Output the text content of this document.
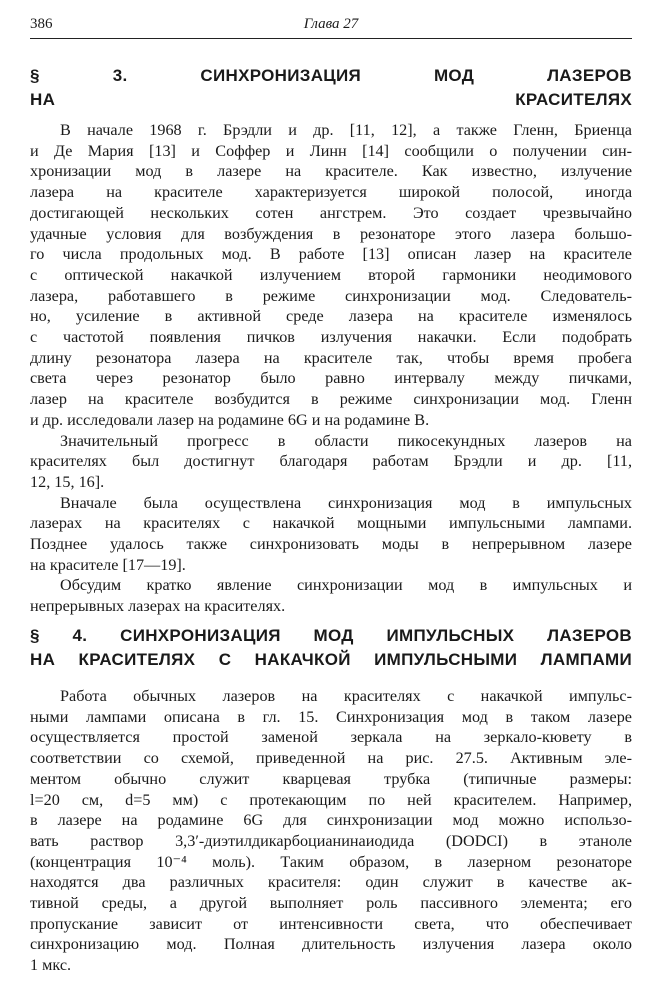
386	Глава 27
§ 3. СИНХРОНИЗАЦИЯ МОД ЛАЗЕРОВ
НА КРАСИТЕЛЯХ
В начале 1968 г. Брэдли и др. [11, 12], а также Гленн, Бриенца
и Де Мария [13] и Соффер и Линн [14] сообщили о получении син-
хронизации мод в лазере на красителе. Как известно, излучение
лазера на красителе характеризуется широкой полосой, иногда
достигающей нескольких сотен ангстрем. Это создает чрезвычайно
удачные условия для возбуждения в резонаторе этого лазера большо-
го числа продольных мод. В работе [13] описан лазер на красителе
с оптической накачкой излучением второй гармоники неодимового
лазера, работавшего в режиме синхронизации мод. Следователь-
но, усиление в активной среде лазера на красителе изменялось
с частотой появления пичков излучения накачки. Если подобрать
длину резонатора лазера на красителе так, чтобы время пробега
света через резонатор было равно интервалу между пичками,
лазер на красителе возбудится в режиме синхронизации мод. Гленн
и др. исследовали лазер на родамине 6G и на родамине B.
Значительный прогресс в области пикосекундных лазеров на
красителях был достигнут благодаря работам Брэдли и др. [11,
12, 15, 16].
Вначале была осуществлена синхронизация мод в импульсных
лазерах на красителях с накачкой мощными импульсными лампами.
Позднее удалось также синхронизовать моды в непрерывном лазере
на красителе [17—19].
Обсудим кратко явление синхронизации мод в импульсных и
непрерывных лазерах на красителях.
§ 4. СИНХРОНИЗАЦИЯ МОД ИМПУЛЬСНЫХ ЛАЗЕРОВ
НА КРАСИТЕЛЯХ С НАКАЧКОЙ ИМПУЛЬСНЫМИ ЛАМПАМИ
Работа обычных лазеров на красителях с накачкой импульс-
ными лампами описана в гл. 15. Синхронизация мод в таком лазере
осуществляется простой заменой зеркала на зеркало-кювету в
соответствии со схемой, приведенной на рис. 27.5. Активным эле-
ментом обычно служит кварцевая трубка (типичные размеры:
l=20 см, d=5 мм) с протекающим по ней красителем. Например,
в лазере на родамине 6G для синхронизации мод можно использо-
вать раствор 3,3′-диэтилдикарбоцианинаиодида (DODCI) в этаноле
(концентрация 10⁻⁴ моль). Таким образом, в лазерном резонаторе
находятся два различных красителя: один служит в качестве ак-
тивной среды, а другой выполняет роль пассивного элемента; его
пропускание зависит от интенсивности света, что обеспечивает
синхронизацию мод. Полная длительность излучения лазера около
1 мкс.
